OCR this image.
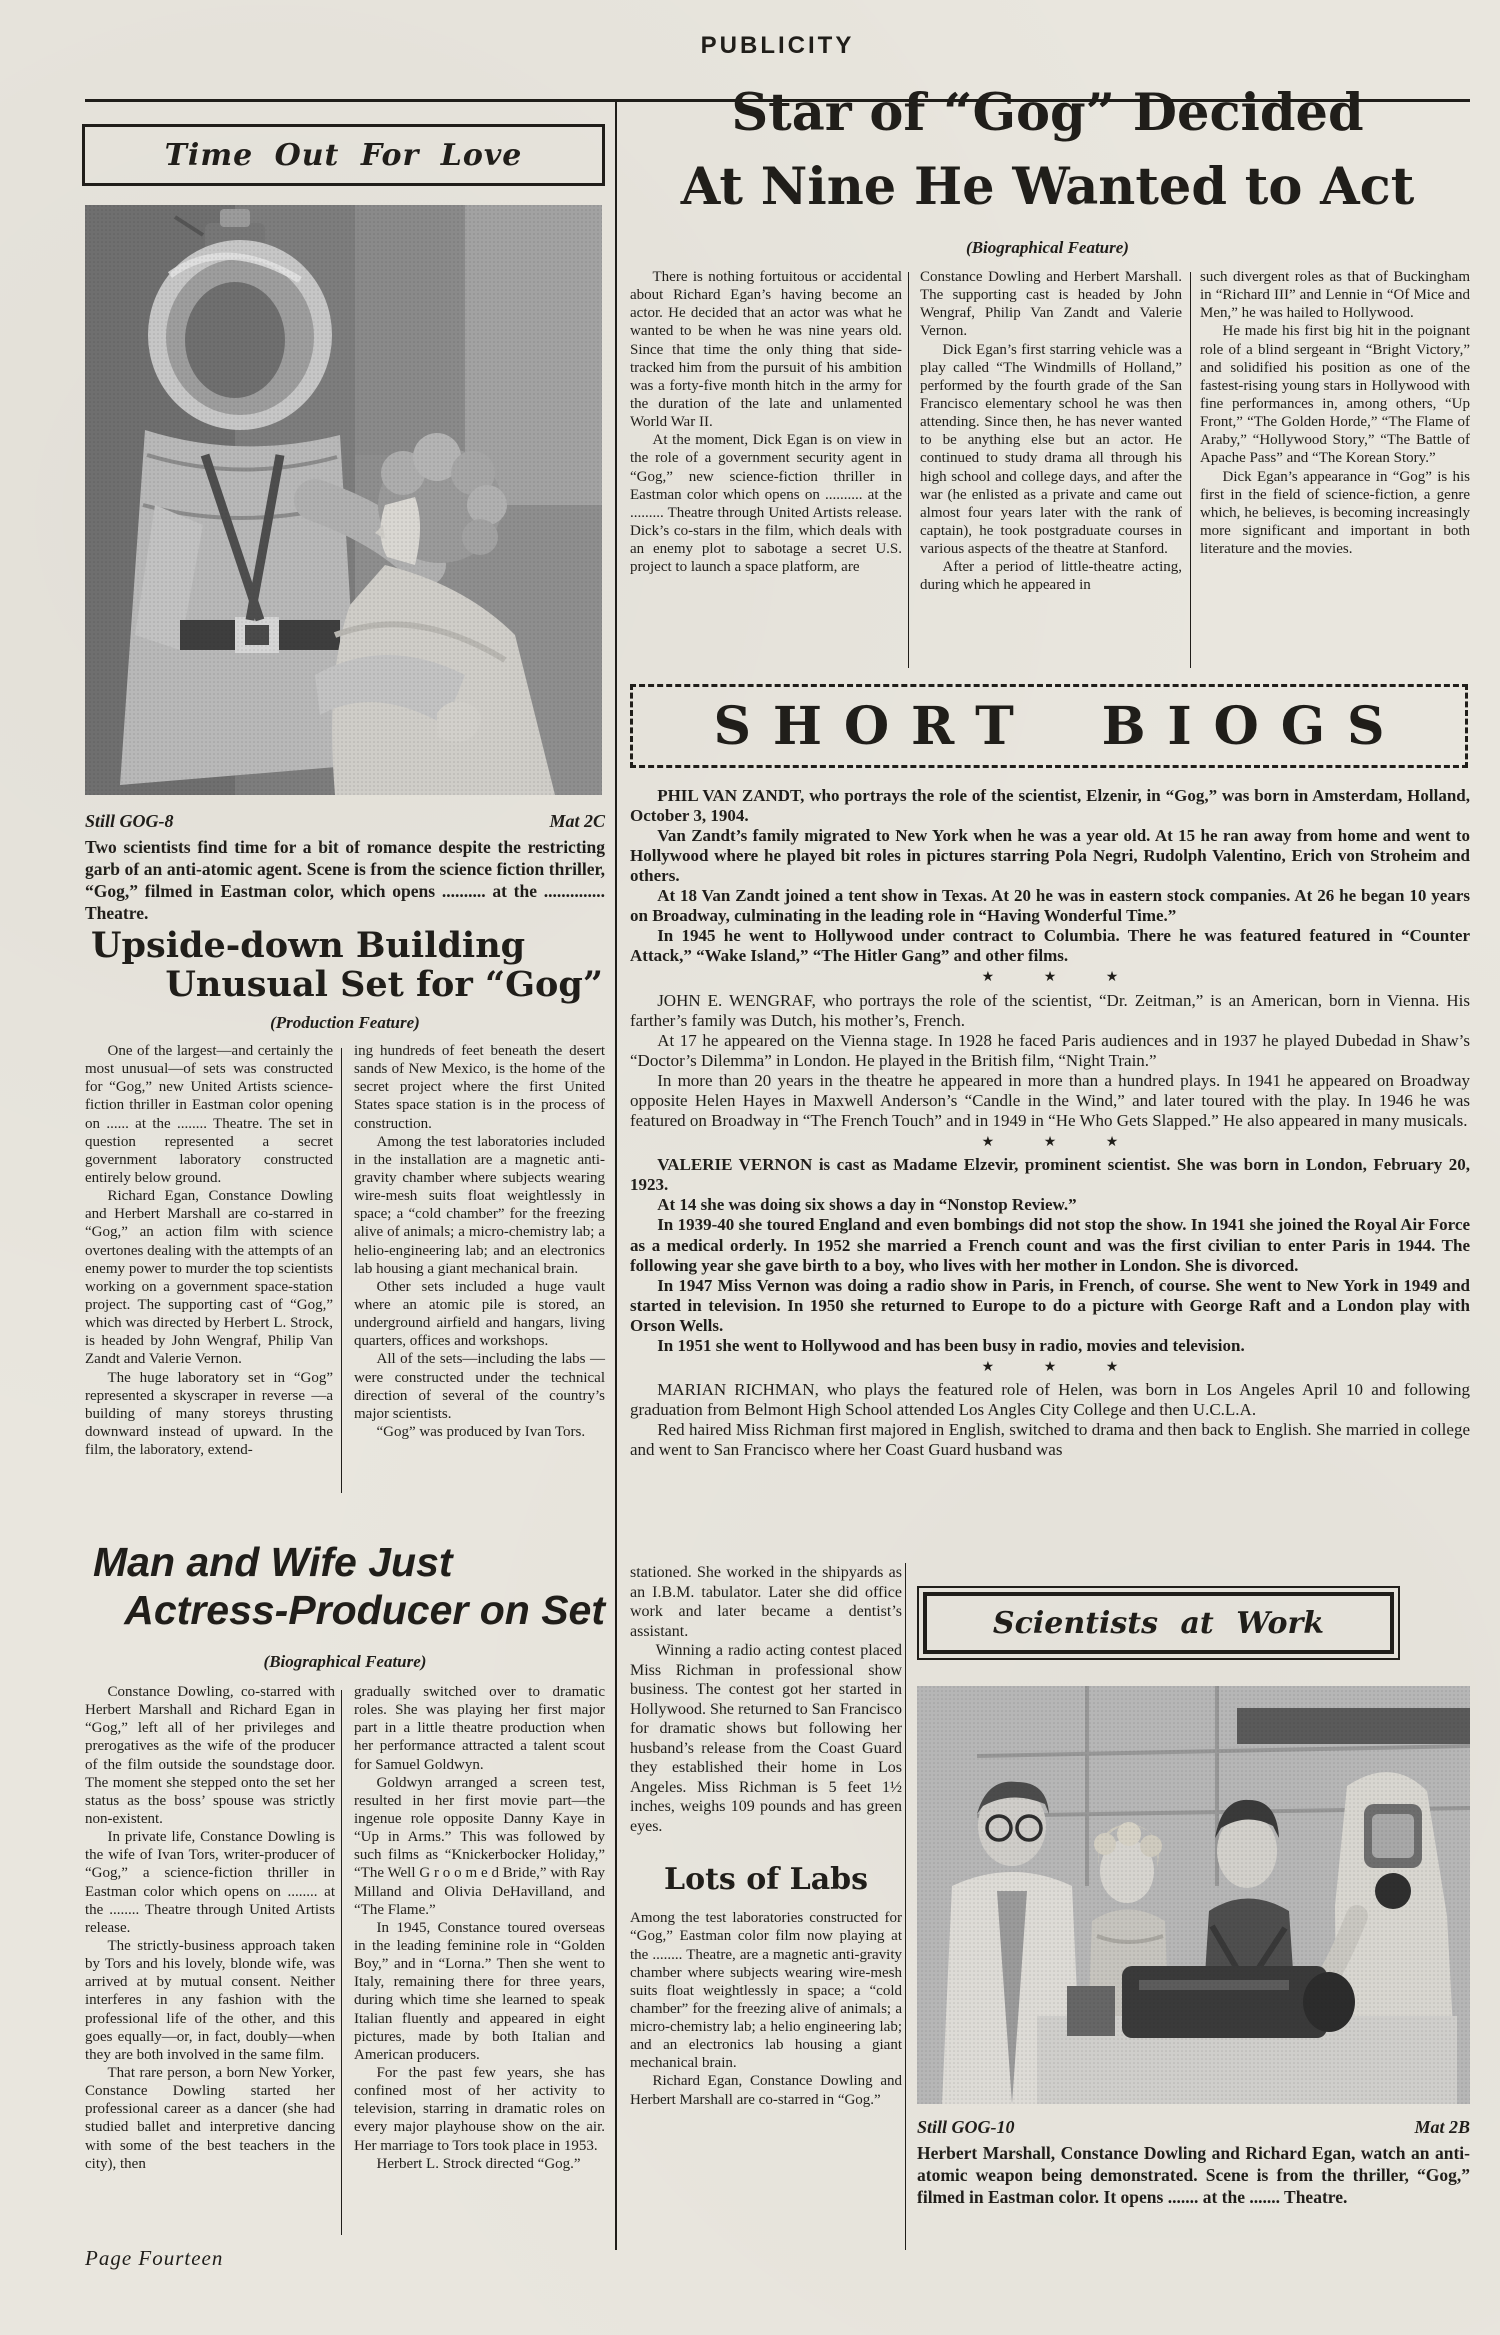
PUBLICITY
Time Out For Love
Still GOG-8	Mat 2C
Two scientists find time for a bit of romance despite the restricting garb of an anti-atomic agent. Scene is from the science fiction thriller, “Gog,” filmed in Eastman color, which opens .......... at the .............. Theatre.
Upside-down Building
Unusual Set for “Gog”
(Production Feature)

One of the largest—and certainly the most unusual—of sets was constructed for “Gog,” new United Artists science-fiction thriller in Eastman color opening on ...... at the ........ Theatre. The set in question represented a secret government laboratory constructed entirely below ground.

Richard Egan, Constance Dowling and Herbert Marshall are co-starred in “Gog,” an action film with science overtones dealing with the attempts of an enemy power to murder the top scientists working on a government space-station project. The supporting cast of “Gog,” which was directed by Herbert L. Strock, is headed by John Wengraf, Philip Van Zandt and Valerie Vernon.

The huge laboratory set in “Gog” represented a skyscraper in reverse —a building of many storeys thrusting downward instead of upward. In the film, the laboratory, extend-

ing hundreds of feet beneath the desert sands of New Mexico, is the home of the secret project where the first United States space station is in the process of construction.

Among the test laboratories included in the installation are a magnetic anti-gravity chamber where subjects wearing wire-mesh suits float weightlessly in space; a “cold chamber” for the freezing alive of animals; a micro-chemistry lab; a helio-engineering lab; and an electronics lab housing a giant mechanical brain.

Other sets included a huge vault where an atomic pile is stored, an underground airfield and hangars, living quarters, offices and workshops.

All of the sets—including the labs —were constructed under the technical direction of several of the country’s major scientists.

“Gog” was produced by Ivan Tors.

Man and Wife Just
Actress-Producer on Set
(Biographical Feature)

Constance Dowling, co-starred with Herbert Marshall and Richard Egan in “Gog,” left all of her privileges and prerogatives as the wife of the producer of the film outside the soundstage door. The moment she stepped onto the set her status as the boss’ spouse was strictly non-existent.

In private life, Constance Dowling is the wife of Ivan Tors, writer-producer of “Gog,” a science-fiction thriller in Eastman color which opens on ........ at the ........ Theatre through United Artists release.

The strictly-business approach taken by Tors and his lovely, blonde wife, was arrived at by mutual consent. Neither interferes in any fashion with the professional life of the other, and this goes equally—or, in fact, doubly—when they are both involved in the same film.

That rare person, a born New Yorker, Constance Dowling started her professional career as a dancer (she had studied ballet and interpretive dancing with some of the best teachers in the city), then

gradually switched over to dramatic roles. She was playing her first major part in a little theatre production when her performance attracted a talent scout for Samuel Goldwyn.

Goldwyn arranged a screen test, resulted in her first movie part—the ingenue role opposite Danny Kaye in “Up in Arms.” This was followed by such films as “Knickerbocker Holiday,” “The Well G r o o m e d Bride,” with Ray Milland and Olivia DeHavilland, and “The Flame.”

In 1945, Constance toured overseas in the leading feminine role in “Golden Boy,” and in “Lorna.” Then she went to Italy, remaining there for three years, during which time she learned to speak Italian fluently and appeared in eight pictures, made by both Italian and American producers.

For the past few years, she has confined most of her activity to television, starring in dramatic roles on every major playhouse show on the air. Her marriage to Tors took place in 1953.

Herbert L. Strock directed “Gog.”

Page Fourteen
Star of “Gog” Decided
At Nine He Wanted to Act
(Biographical Feature)

There is nothing fortuitous or accidental about Richard Egan’s having become an actor. He decided that an actor was what he wanted to be when he was nine years old. Since that time the only thing that side-tracked him from the pursuit of his ambition was a forty-five month hitch in the army for the duration of the late and unlamented World War II.

At the moment, Dick Egan is on view in the role of a government security agent in “Gog,” new science-fiction thriller in Eastman color which opens on .......... at the ......... Theatre through United Artists release. Dick’s co-stars in the film, which deals with an enemy plot to sabotage a secret U.S. project to launch a space platform, are

Constance Dowling and Herbert Marshall. The supporting cast is headed by John Wengraf, Philip Van Zandt and Valerie Vernon.

Dick Egan’s first starring vehicle was a play called “The Windmills of Holland,” performed by the fourth grade of the San Francisco elementary school he was then attending. Since then, he has never wanted to be anything else but an actor. He continued to study drama all through his high school and college days, and after the war (he enlisted as a private and came out almost four years later with the rank of captain), he took postgraduate courses in various aspects of the theatre at Stanford.

After a period of little-theatre acting, during which he appeared in

such divergent roles as that of Buckingham in “Richard III” and Lennie in “Of Mice and Men,” he was hailed to Hollywood.

He made his first big hit in the poignant role of a blind sergeant in “Bright Victory,” and solidified his position as one of the fastest-rising young stars in Hollywood with fine performances in, among others, “Up Front,” “The Golden Horde,” “The Flame of Araby,” “Hollywood Story,” “The Battle of Apache Pass” and “The Korean Story.”

Dick Egan’s appearance in “Gog” is his first in the field of science-fiction, a genre which, he believes, is becoming increasingly more significant and important in both literature and the movies.

SHORT BIOGS

PHIL VAN ZANDT, who portrays the role of the scientist, Elzenir, in “Gog,” was born in Amsterdam, Holland, October 3, 1904.

Van Zandt’s family migrated to New York when he was a year old. At 15 he ran away from home and went to Hollywood where he played bit roles in pictures starring Pola Negri, Rudolph Valentino, Erich von Stroheim and others.

At 18 Van Zandt joined a tent show in Texas. At 20 he was in eastern stock companies. At 26 he began 10 years on Broadway, culminating in the leading role in “Having Wonderful Time.”

In 1945 he went to Hollywood under contract to Columbia. There he was featured featured in “Counter Attack,” “Wake Island,” “The Hitler Gang” and other films.

★ ★ ★

JOHN E. WENGRAF, who portrays the role of the scientist, “Dr. Zeitman,” is an American, born in Vienna. His farther’s family was Dutch, his mother’s, French.

At 17 he appeared on the Vienna stage. In 1928 he faced Paris audiences and in 1937 he played Dubedad in Shaw’s “Doctor’s Dilemma” in London. He played in the British film, “Night Train.”

In more than 20 years in the theatre he appeared in more than a hundred plays. In 1941 he appeared on Broadway opposite Helen Hayes in Maxwell Anderson’s “Candle in the Wind,” and later toured with the play. In 1946 he was featured on Broadway in “The French Touch” and in 1949 in “He Who Gets Slapped.” He also appeared in many musicals.

★ ★ ★

VALERIE VERNON is cast as Madame Elzevir, prominent scientist. She was born in London, February 20, 1923.

At 14 she was doing six shows a day in “Nonstop Review.”

In 1939-40 she toured England and even bombings did not stop the show. In 1941 she joined the Royal Air Force as a medical orderly. In 1952 she married a French count and was the first civilian to enter Paris in 1944. The following year she gave birth to a boy, who lives with her mother in London. She is divorced.

In 1947 Miss Vernon was doing a radio show in Paris, in French, of course. She went to New York in 1949 and started in television. In 1950 she returned to Europe to do a picture with George Raft and a London play with Orson Wells.

In 1951 she went to Hollywood and has been busy in radio, movies and television.

★ ★ ★

MARIAN RICHMAN, who plays the featured role of Helen, was born in Los Angeles April 10 and following graduation from Belmont High School attended Los Angles City College and then U.C.L.A.

Red haired Miss Richman first majored in English, switched to drama and then back to English. She married in college and went to San Francisco where her Coast Guard husband was

stationed. She worked in the shipyards as an I.B.M. tabulator. Later she did office work and later became a dentist’s assistant.

Winning a radio acting contest placed Miss Richman in professional show business. The contest got her started in Hollywood. She returned to San Francisco for dramatic shows but following her husband’s release from the Coast Guard they established their home in Los Angeles. Miss Richman is 5 feet 1½ inches, weighs 109 pounds and has green eyes.

Lots of Labs

Among the test laboratories constructed for “Gog,” Eastman color film now playing at the ........ Theatre, are a magnetic anti-gravity chamber where subjects wearing wire-mesh suits float weightlessly in space; a “cold chamber” for the freezing alive of animals; a micro-chemistry lab; a helio engineering lab; and an electronics lab housing a giant mechanical brain.

Richard Egan, Constance Dowling and Herbert Marshall are co-starred in “Gog.”

Scientists at Work
Still GOG-10	Mat 2B
Herbert Marshall, Constance Dowling and Richard Egan, watch an anti-atomic weapon being demonstrated. Scene is from the thriller, “Gog,” filmed in Eastman color. It opens ....... at the ....... Theatre.
